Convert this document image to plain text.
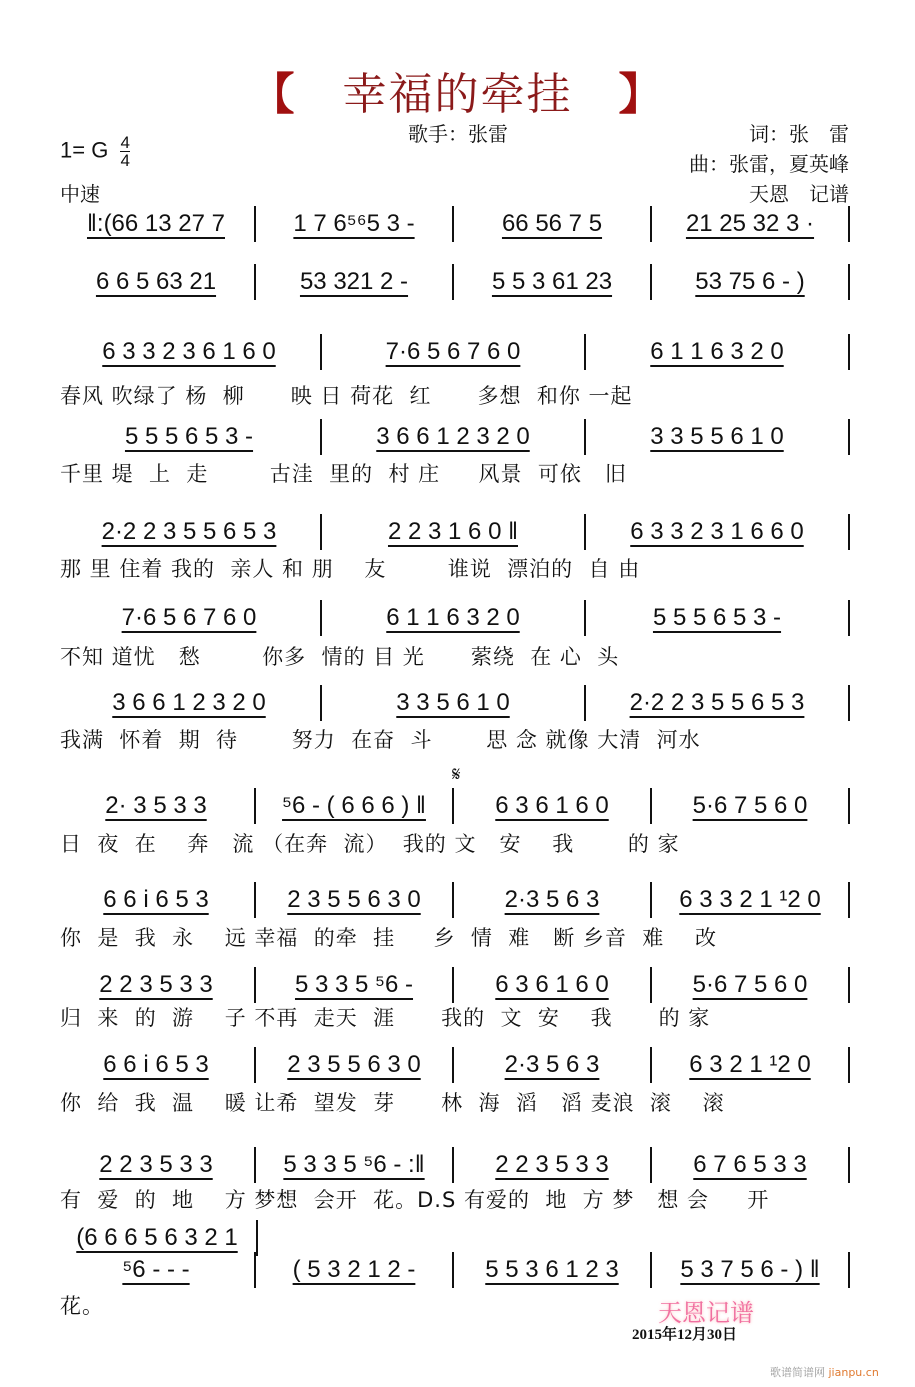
【 幸福的牵挂 】
歌手：张雷	词：张　雷
曲：张雷，夏英峰
天恩　记谱
1= G $\frac{4}{4}$
中速
𝄋
‖:(66 13 27 7	1 7 6⁵⁶5 3 -	66 56 7 5	21 25 32 3 ·
6 6 5 63 21	53 321 2 -	5 5 3 61 23	53 75 6 - )
6 3 3 2 3 6 1 6 0	7·6 5 6 7 6 0	6 1 1 6 3 2 0
春风 吹绿了 杨  柳      映 日 荷花  红      多想  和你 一起
5 5 5 6 5 3 -	3 6 6 1 2 3 2 0	3 3 5 5 6 1 0
千里 堤  上  走        古洼  里的  村 庄     风景  可依   旧
2·2 2 3 5 5 6 5 3	2 2 3 1 6 0 ‖	6 3 3 2 3 1 6 6 0
那 里 住着 我的  亲人 和 朋    友        谁说  漂泊的  自 由
7·6 5 6 7 6 0	6 1 1 6 3 2 0	5 5 5 6 5 3 -
不知 道忧   愁        你多  情的 目 光      萦绕  在 心  头
3 6 6 1 2 3 2 0	3 3 5 6 1 0	2·2 2 3 5 5 6 5 3
我满  怀着  期  待       努力  在奋  斗       思 念 就像 大清  河水
2· 3 5 3 3	⁵6 - ( 6 6 6 ) ‖	6 3 6 1 6 0	5·6 7 5 6 0
日  夜  在    奔   流 （在奔  流）  我的 文   安    我       的 家
6 6 i 6 5 3	2 3 5 5 6 3 0	2·3 5 6 3	6 3 3 2 1 ¹2 0
你  是  我  永    远 幸福  的牵  挂     乡  情  难   断 乡音  难    改
2 2 3 5 3 3	5 3 3 5 ⁵6 -	6 3 6 1 6 0	5·6 7 5 6 0
归  来  的  游    子 不再  走天  涯      我的  文  安    我      的 家
6 6 i 6 5 3	2 3 5 5 6 3 0	2·3 5 6 3	6 3 2 1 ¹2 0
你  给  我  温    暖 让希  望发  芽      林  海  滔   滔 麦浪  滚    滚
2 2 3 5 3 3	5 3 3 5 ⁵6 - :‖	2 2 3 5 3 3	6 7 6 5 3 3
有  爱  的  地    方 梦想  会开  花。D.S 有爱的  地  方 梦   想 会     开
(6 6 6 5 6 3 2 1
⁵6 - - -	( 5 3 2 1 2 -	5 5 3 6 1 2 3	5 3 7 5 6 - ) ‖
花。	天恩记谱
2015年12月30日
歌谱简谱网 jianpu.cn
